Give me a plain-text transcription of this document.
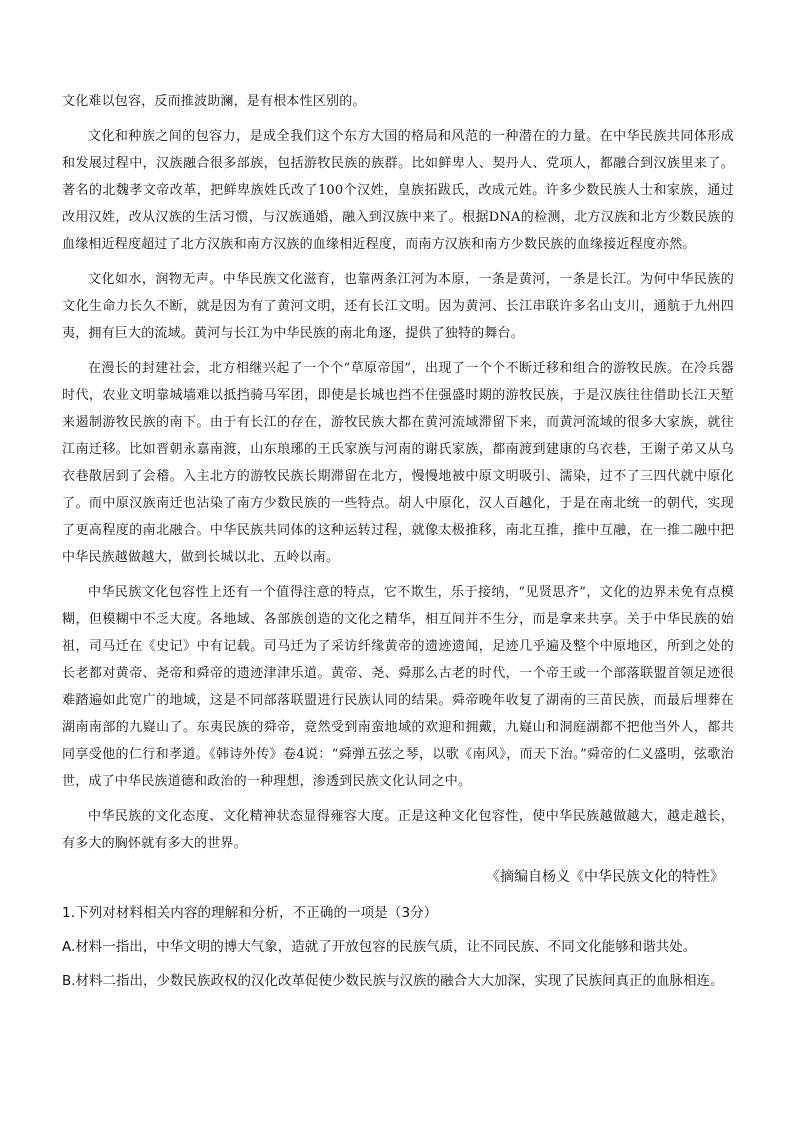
文化难以包容，反而推波助澜，是有根本性区别的。

文化和种族之间的包容力，是成全我们这个东方大国的格局和风范的一种潜在的力量。在中华民族共同体形成和发展过程中，汉族融合很多部族，包括游牧民族的族群。比如鲜卑人、契丹人、党项人，都融合到汉族里来了。著名的北魏孝文帝改革，把鲜卑族姓氏改了100个汉姓，皇族拓跋氏，改成元姓。许多少数民族人士和家族，通过改用汉姓，改从汉族的生活习惯，与汉族通婚，融入到汉族中来了。根据DNA的检测，北方汉族和北方少数民族的血缘相近程度超过了北方汉族和南方汉族的血缘相近程度，而南方汉族和南方少数民族的血缘接近程度亦然。

文化如水，润物无声。中华民族文化滋育，也靠两条江河为本原，一条是黄河，一条是长江。为何中华民族的文化生命力长久不断，就是因为有了黄河文明，还有长江文明。因为黄河、长江串联许多名山支川，通航于九州四夷，拥有巨大的流域。黄河与长江为中华民族的南北角逐，提供了独特的舞台。

在漫长的封建社会，北方相继兴起了一个个“草原帝国”，出现了一个个不断迁移和组合的游牧民族。在冷兵器时代，农业文明靠城墙难以抵挡骑马军团，即使是长城也挡不住强盛时期的游牧民族，于是汉族往往借助长江天堑来遏制游牧民族的南下。由于有长江的存在，游牧民族大都在黄河流域滞留下来，而黄河流域的很多大家族，就往江南迁移。比如晋朝永嘉南渡，山东琅琊的王氏家族与河南的谢氏家族，都南渡到建康的乌衣巷，王谢子弟又从乌衣巷散居到了会稽。入主北方的游牧民族长期滞留在北方，慢慢地被中原文明吸引、濡染，过不了三四代就中原化了。而中原汉族南迁也沾染了南方少数民族的一些特点。胡人中原化，汉人百越化，于是在南北统一的朝代，实现了更高程度的南北融合。中华民族共同体的这种运转过程，就像太极推移，南北互推，推中互融，在一推二融中把中华民族越做越大，做到长城以北、五岭以南。

中华民族文化包容性上还有一个值得注意的特点，它不欺生，乐于接纳，“见贤思齐”，文化的边界未免有点模糊，但模糊中不乏大度。各地域、各部族创造的文化之精华，相互间并不生分，而是拿来共享。关于中华民族的始祖，司马迁在《史记》中有记载。司马迁为了采访纤缘黄帝的遗迹遗闻，足迹几乎遍及整个中原地区，所到之处的长老都对黄帝、尧帝和舜帝的遗迹津津乐道。黄帝、尧、舜那么古老的时代，一个帝王或一个部落联盟首领足迹很难踏遍如此宽广的地域，这是不同部落联盟进行民族认同的结果。舜帝晚年收复了湖南的三苗民族，而最后埋葬在湖南南部的九嶷山了。东夷民族的舜帝，竟然受到南蛮地域的欢迎和拥戴，九嶷山和洞庭湖都不把他当外人，都共同享受他的仁行和孝道。《韩诗外传》卷4说：“舜弹五弦之琴，以歌《南风》，而天下治。”舜帝的仁义盛明，弦歌治世，成了中华民族道德和政治的一种理想，渗透到民族文化认同之中。

中华民族的文化态度、文化精神状态显得雍容大度。正是这种文化包容性，使中华民族越做越大，越走越长，有多大的胸怀就有多大的世界。

《摘编自杨义《中华民族文化的特性》
1.下列对材料相关内容的理解和分析，不正确的一项是（3分）
A.材料一指出，中华文明的博大气象，造就了开放包容的民族气质，让不同民族、不同文化能够和谐共处。
B.材料二指出，少数民族政权的汉化改革促使少数民族与汉族的融合大大加深，实现了民族间真正的血脉相连。
